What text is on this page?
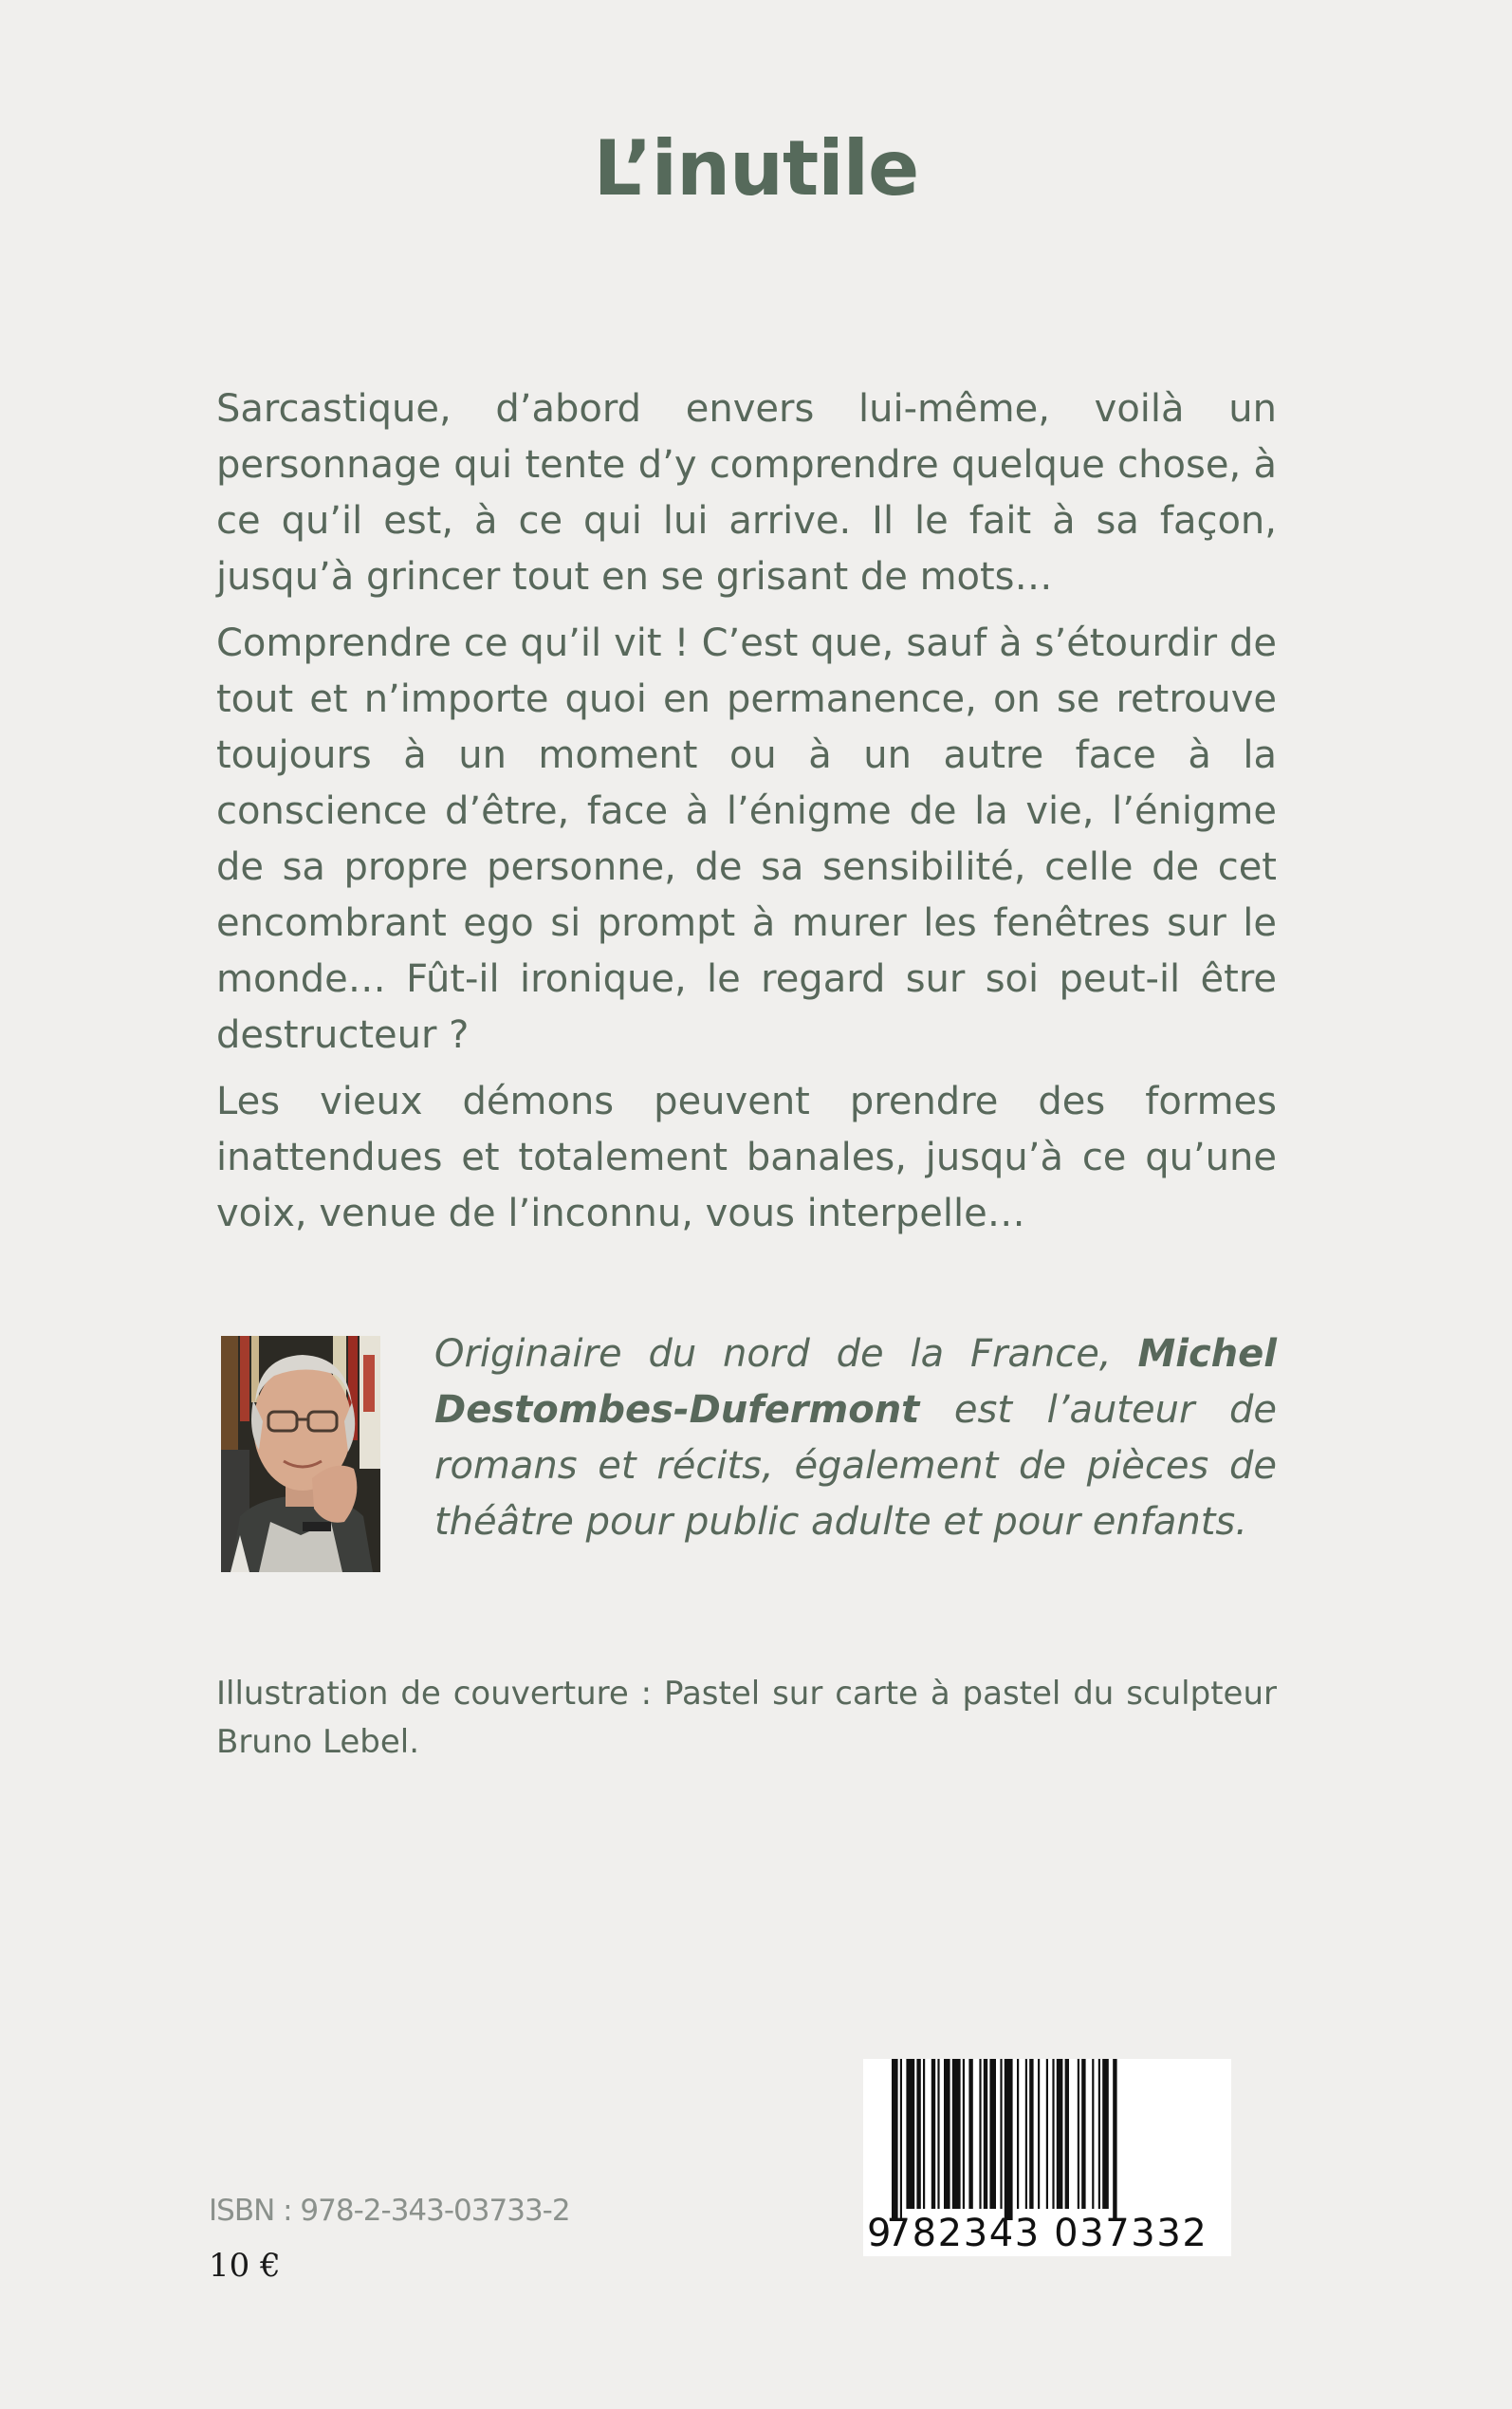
L’inutile

Sarcastique, d’abord envers lui-même, voilà un personnage qui tente d’y comprendre quelque chose, à ce qu’il est, à ce qui lui arrive. Il le fait à sa façon, jusqu’à grincer tout en se grisant de mots…

Comprendre ce qu’il vit ! C’est que, sauf à s’étourdir de tout et n’importe quoi en permanence, on se retrouve toujours à un moment ou à un autre face à la conscience d’être, face à l’énigme de la vie, l’énigme de sa propre personne, de sa sensibilité, celle de cet encombrant ego si prompt à murer les fenêtres sur le monde… Fût-il ironique, le regard sur soi peut-il être destructeur ?

Les vieux démons peuvent prendre des formes inattendues et totalement banales, jusqu’à ce qu’une voix, venue de l’inconnu, vous interpelle…

Originaire du nord de la France, Michel Destombes-Dufermont est l’auteur de romans et récits, également de pièces de théâtre pour public adulte et pour enfants.
Illustration de couverture : Pastel sur carte à pastel du sculpteur Bruno Lebel.
ISBN : 978-2-343-03733-2
10 €
9
782343 037332
